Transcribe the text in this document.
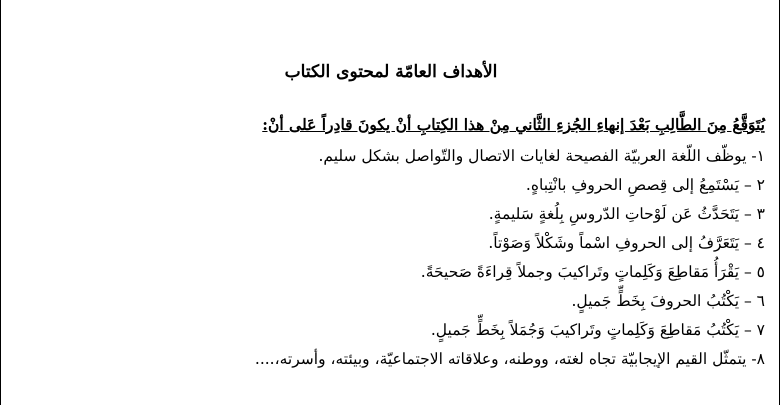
الأهداف العامّة لمحتوى الكتاب

يُتَوَقَّعُ مِنَ الطَّالِبِ بَعْدَ إنهاءِ الجُزءِ الثَّاني مِنْ هذا الكِتابِ أنْ يكونَ قادِراً عَلى أنْ:

١- يوظّف اللّغة العربيّة الفصيحة لغايات الاتصال والتّواصل بشكل سليم.
٢ – يَسْتَمِعُ إلى قِصصِ الحروفِ بانْتِباهٍ.
٣ – يَتَحَدَّثُ عَن لَوْحاتِ الدّروسِ بِلُغةٍ سَليمةٍ.
٤ – يَتَعَرَّفُ إلى الحروفِ اسْماً وشَكْلاً وَصَوْتاً.
٥ – يَقْرَأُ مَقاطِعَ وَكَلِماتٍ وتَراكيبَ وجملاً قِراءَةً صَحيحَةً.
٦ – يَكْتُبُ الحروفَ بِخَطٍّ جَميلٍ.
٧ – يَكْتُبُ مَقاطِعَ وَكَلِماتٍ وتَراكيبَ وَجُمَلاً بِخَطٍّ جَميلٍ.
٨- يتمثّل القيم الإيجابيّة تجاه لغته، ووطنه، وعلاقاته الاجتماعيّة، وبيئته، وأسرته،....
